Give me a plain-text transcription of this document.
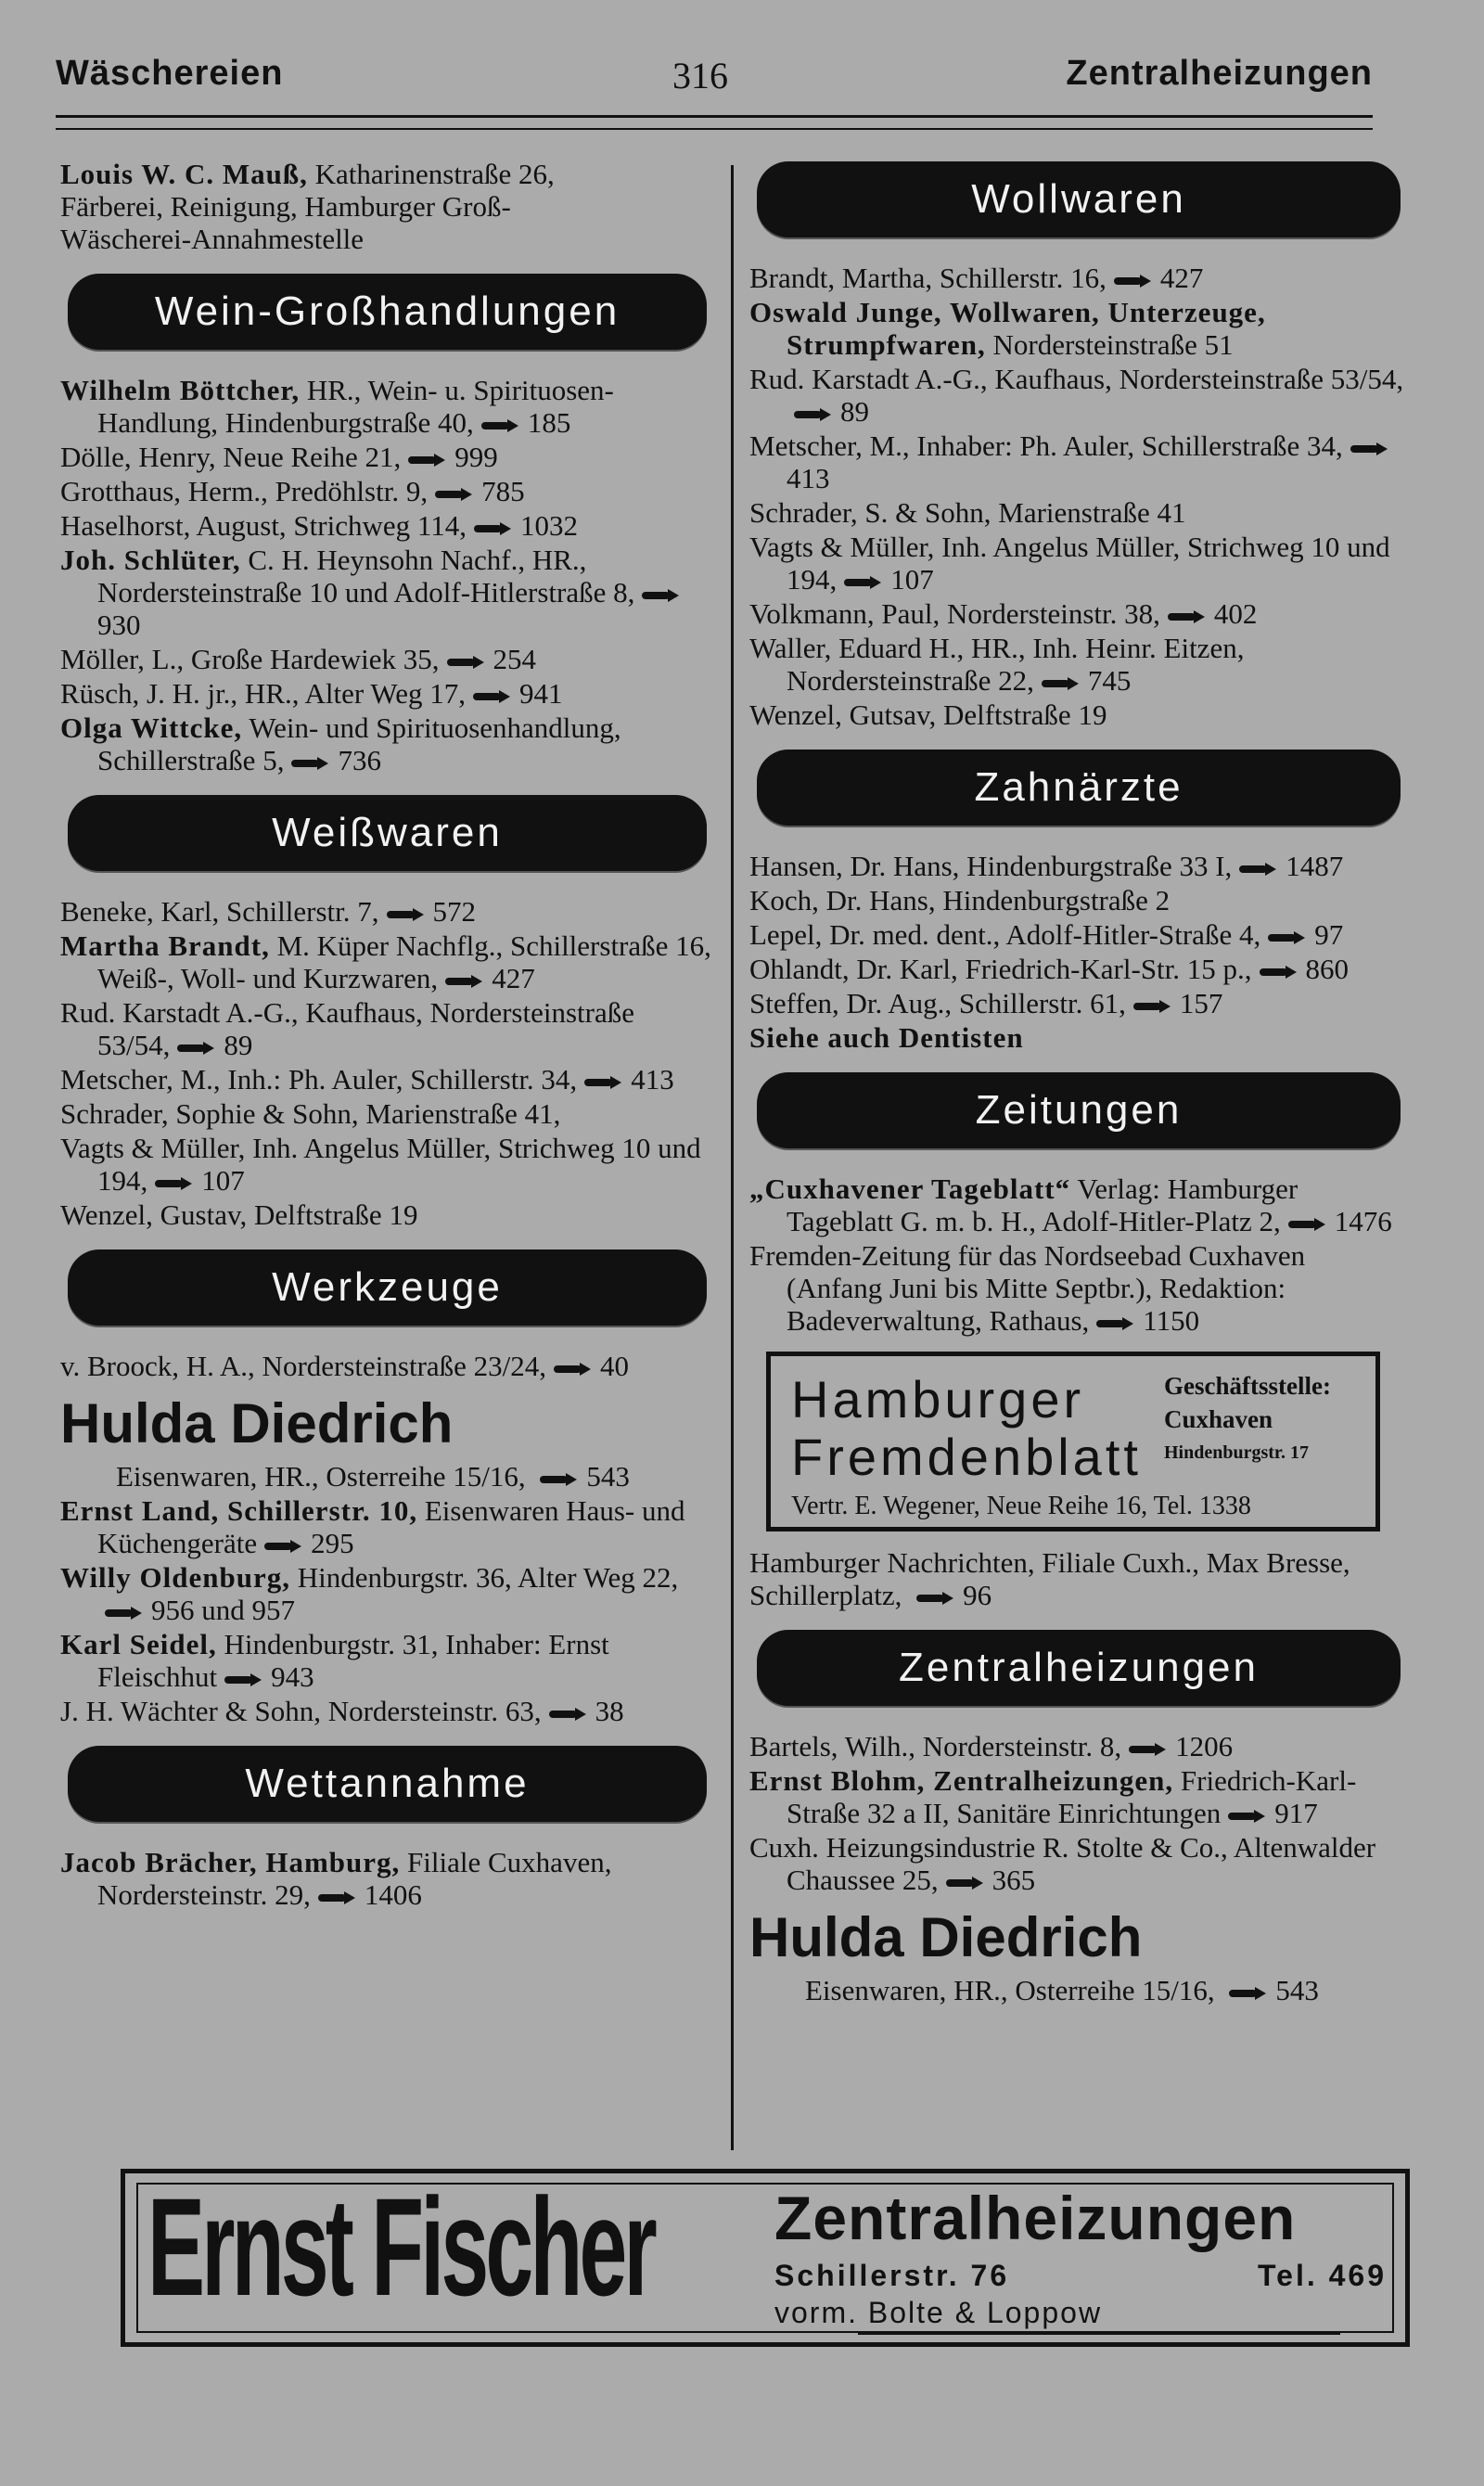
Wäschereien	316	Zentralheizungen
Louis W. C. Mauß, Katharinenstraße 26,
Färberei, Reinigung, Hamburger Groß-
Wäscherei-Annahmestelle
Wein-Großhandlungen
Wilhelm Böttcher, HR., Wein- u. Spirituosen-Handlung, Hindenburgstraße 40, 185
Dölle, Henry, Neue Reihe 21, 999
Grotthaus, Herm., Predöhlstr. 9, 785
Haselhorst, August, Strichweg 114, 1032
Joh. Schlüter, C. H. Heynsohn Nachf., HR., Nordersteinstraße 10 und Adolf-Hitlerstraße 8,930
Möller, L., Große Hardewiek 35, 254
Rüsch, J. H. jr., HR., Alter Weg 17, 941
Olga Wittcke, Wein- und Spirituosenhandlung, Schillerstraße 5, 736
Weißwaren
Beneke, Karl, Schillerstr. 7, 572
Martha Brandt, M. Küper Nachflg., Schillerstraße 16, Weiß-, Woll- und Kurzwaren, 427
Rud. Karstadt A.-G., Kaufhaus, Nordersteinstraße 53/54, 89
Metscher, M., Inh.: Ph. Auler, Schillerstr. 34, 413
Schrader, Sophie & Sohn, Marienstraße 41,
Vagts & Müller, Inh. Angelus Müller, Strichweg 10 und 194, 107
Wenzel, Gustav, Delftstraße 19
Werkzeuge
v. Broock, H. A., Nordersteinstraße 23/24, 40
Hulda Diedrich
Eisenwaren, HR., Osterreihe 15/16, 543
Ernst Land, Schillerstr. 10, Eisenwaren Haus- und Küchengeräte 295
Willy Oldenburg, Hindenburgstr. 36, Alter Weg 22,956 und 957
Karl Seidel, Hindenburgstr. 31, Inhaber: Ernst Fleischhut 943
J. H. Wächter & Sohn, Nordersteinstr. 63, 38
Wettannahme
Jacob Brächer, Hamburg, Filiale Cuxhaven, Nordersteinstr. 29, 1406
Wollwaren
Brandt, Martha, Schillerstr. 16, 427
Oswald Junge, Wollwaren, Unterzeuge, Strumpfwaren, Nordersteinstraße 51
Rud. Karstadt A.-G., Kaufhaus, Nordersteinstraße 53/54,89
Metscher, M., Inhaber: Ph. Auler, Schillerstraße 34,413
Schrader, S. & Sohn, Marienstraße 41
Vagts & Müller, Inh. Angelus Müller, Strichweg 10 und 194, 107
Volkmann, Paul, Nordersteinstr. 38, 402
Waller, Eduard H., HR., Inh. Heinr. Eitzen, Nordersteinstraße 22, 745
Wenzel, Gutsav, Delftstraße 19
Zahnärzte
Hansen, Dr. Hans, Hindenburgstraße 33 I, 1487
Koch, Dr. Hans, Hindenburgstraße 2
Lepel, Dr. med. dent., Adolf-Hitler-Straße 4, 97
Ohlandt, Dr. Karl, Friedrich-Karl-Str. 15 p., 860
Steffen, Dr. Aug., Schillerstr. 61, 157
Siehe auch Dentisten
Zeitungen
„Cuxhavener Tageblatt“ Verlag: Hamburger Tageblatt G. m. b. H., Adolf-Hitler-Platz 2, 1476
Fremden-Zeitung für das Nordseebad Cuxhaven (Anfang Juni bis Mitte Septbr.), Redaktion: Badeverwaltung, Rathaus, 1150
Hamburger
Fremdenblatt
Geschäftsstelle:
Cuxhaven
Hindenburgstr. 17
Vertr. E. Wegener, Neue Reihe 16, Tel. 1338
Hamburger Nachrichten, Filiale Cuxh., Max Bresse, Schillerplatz, 96
Zentralheizungen
Bartels, Wilh., Nordersteinstr. 8, 1206
Ernst Blohm, Zentralheizungen, Friedrich-Karl-Straße 32 a II, Sanitäre Einrichtungen 917
Cuxh. Heizungsindustrie R. Stolte & Co., Altenwalder Chaussee 25, 365
Hulda Diedrich
Eisenwaren, HR., Osterreihe 15/16, 543
Ernst Fischer Zentralheizungen
Schillerstr. 76	Tel. 469
vorm. Bolte & Loppow
